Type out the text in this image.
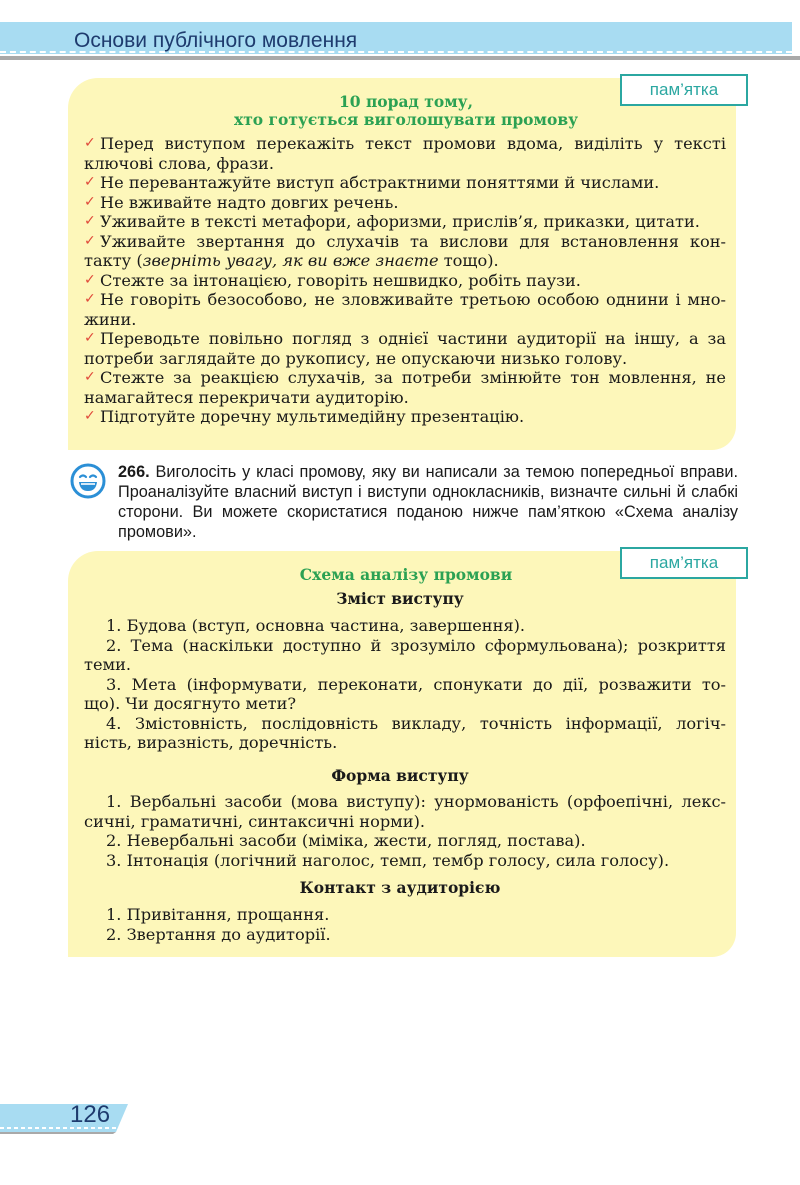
Основи публічного мовлення
пам’ятка
10 порад тому,
хто готується виголошувати промову
✓ Перед виступом перекажіть текст промови вдома, виділіть у тексті
ключові слова, фрази.
✓ Не перевантажуйте виступ абстрактними поняттями й числами.
✓ Не вживайте надто довгих речень.
✓ Уживайте в тексті метафори, афоризми, прислів’я, приказки, цитати.
✓ Уживайте звертання до слухачів та вислови для встановлення кон-
такту (зверніть увагу, як ви вже знаєте тощо).
✓ Стежте за інтонацією, говоріть нешвидко, робіть паузи.
✓ Не говоріть безособово, не зловживайте третьою особою однини і мно-
жини.
✓ Переводьте повільно погляд з однієї частини аудиторії на іншу, а за
потреби заглядайте до рукопису, не опускаючи низько голову.
✓ Стежте за реакцією слухачів, за потреби змінюйте тон мовлення, не
намагайтеся перекричати аудиторію.
✓ Підготуйте доречну мультимедійну презентацію.
266. Виголосіть у класі промову, яку ви написали за темою попередньої вправи. Проаналізуйте власний виступ і виступи однокласників, визначте сильні й слабкі сторони. Ви можете скористатися поданою нижче пам’яткою «Схема аналізу промови».
пам’ятка
Схема аналізу промови
Зміст виступу
1. Будова (вступ, основна частина, завершення).
2. Тема (наскільки доступно й зрозуміло сформульована); розкриття
теми.
3. Мета (інформувати, переконати, спонукати до дії, розважити то-
що). Чи досягнуто мети?
4. Змістовність, послідовність викладу, точність інформації, логіч-
ність, виразність, доречність.
Форма виступу
1. Вербальні засоби (мова виступу): унормованість (орфоепічні, лекс-
сичні, граматичні, синтаксичні норми).
2. Невербальні засоби (міміка, жести, погляд, постава).
3. Інтонація (логічний наголос, темп, тембр голосу, сила голосу).
Контакт з аудиторією
1. Привітання, прощання.
2. Звертання до аудиторії.
126
